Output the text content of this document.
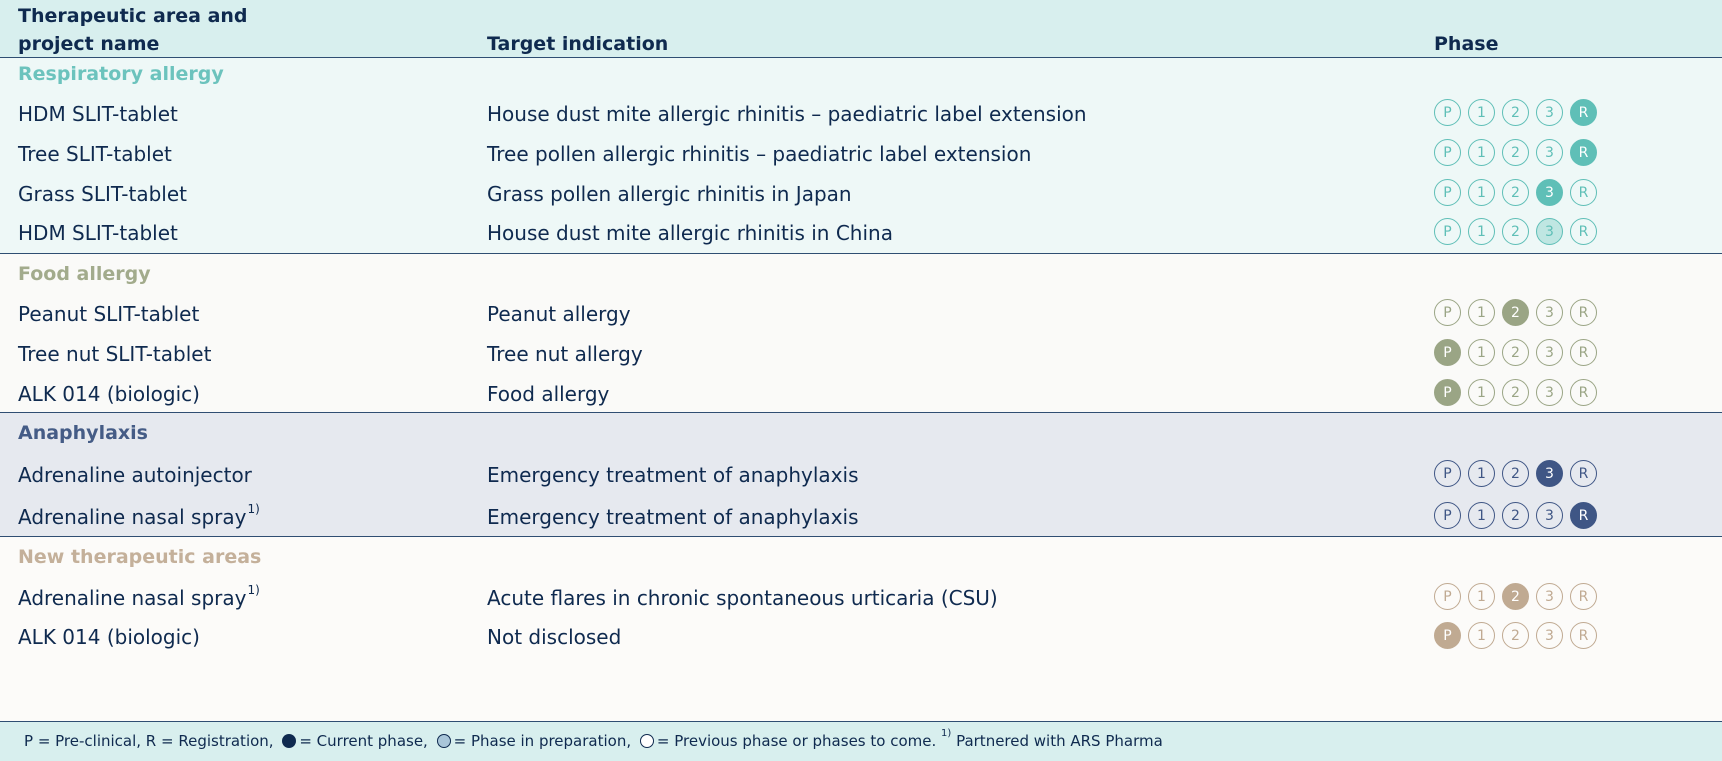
Therapeutic area and project name	Target indication	Phase
Respiratory allergy
HDM SLIT-tablet	House dust mite allergic rhinitis – paediatric label extension	P	1	2	3	R
Tree SLIT-tablet	Tree pollen allergic rhinitis – paediatric label extension	P	1	2	3	R
Grass SLIT-tablet	Grass pollen allergic rhinitis in Japan	P	1	2	3	R
HDM SLIT-tablet	House dust mite allergic rhinitis in China	P	1	2	3	R
Food allergy
Peanut SLIT-tablet	Peanut allergy	P	1	2	3	R
Tree nut SLIT-tablet	Tree nut allergy	P	1	2	3	R
ALK 014 (biologic)	Food allergy	P	1	2	3	R
Anaphylaxis
Adrenaline autoinjector	Emergency treatment of anaphylaxis	P	1	2	3	R
Adrenaline nasal spray$^{1)}$	Emergency treatment of anaphylaxis	P	1	2	3	R
New therapeutic areas
Adrenaline nasal spray$^{1)}$	Acute flares in chronic spontaneous urticaria (CSU)	P	1	2	3	R
ALK 014 (biologic)	Not disclosed	P	1	2	3	R
P = Pre-clinical, R = Registration, = Current phase, = Phase in preparation, = Previous phase or phases to come. $^{1)}$ Partnered with ARS Pharma
